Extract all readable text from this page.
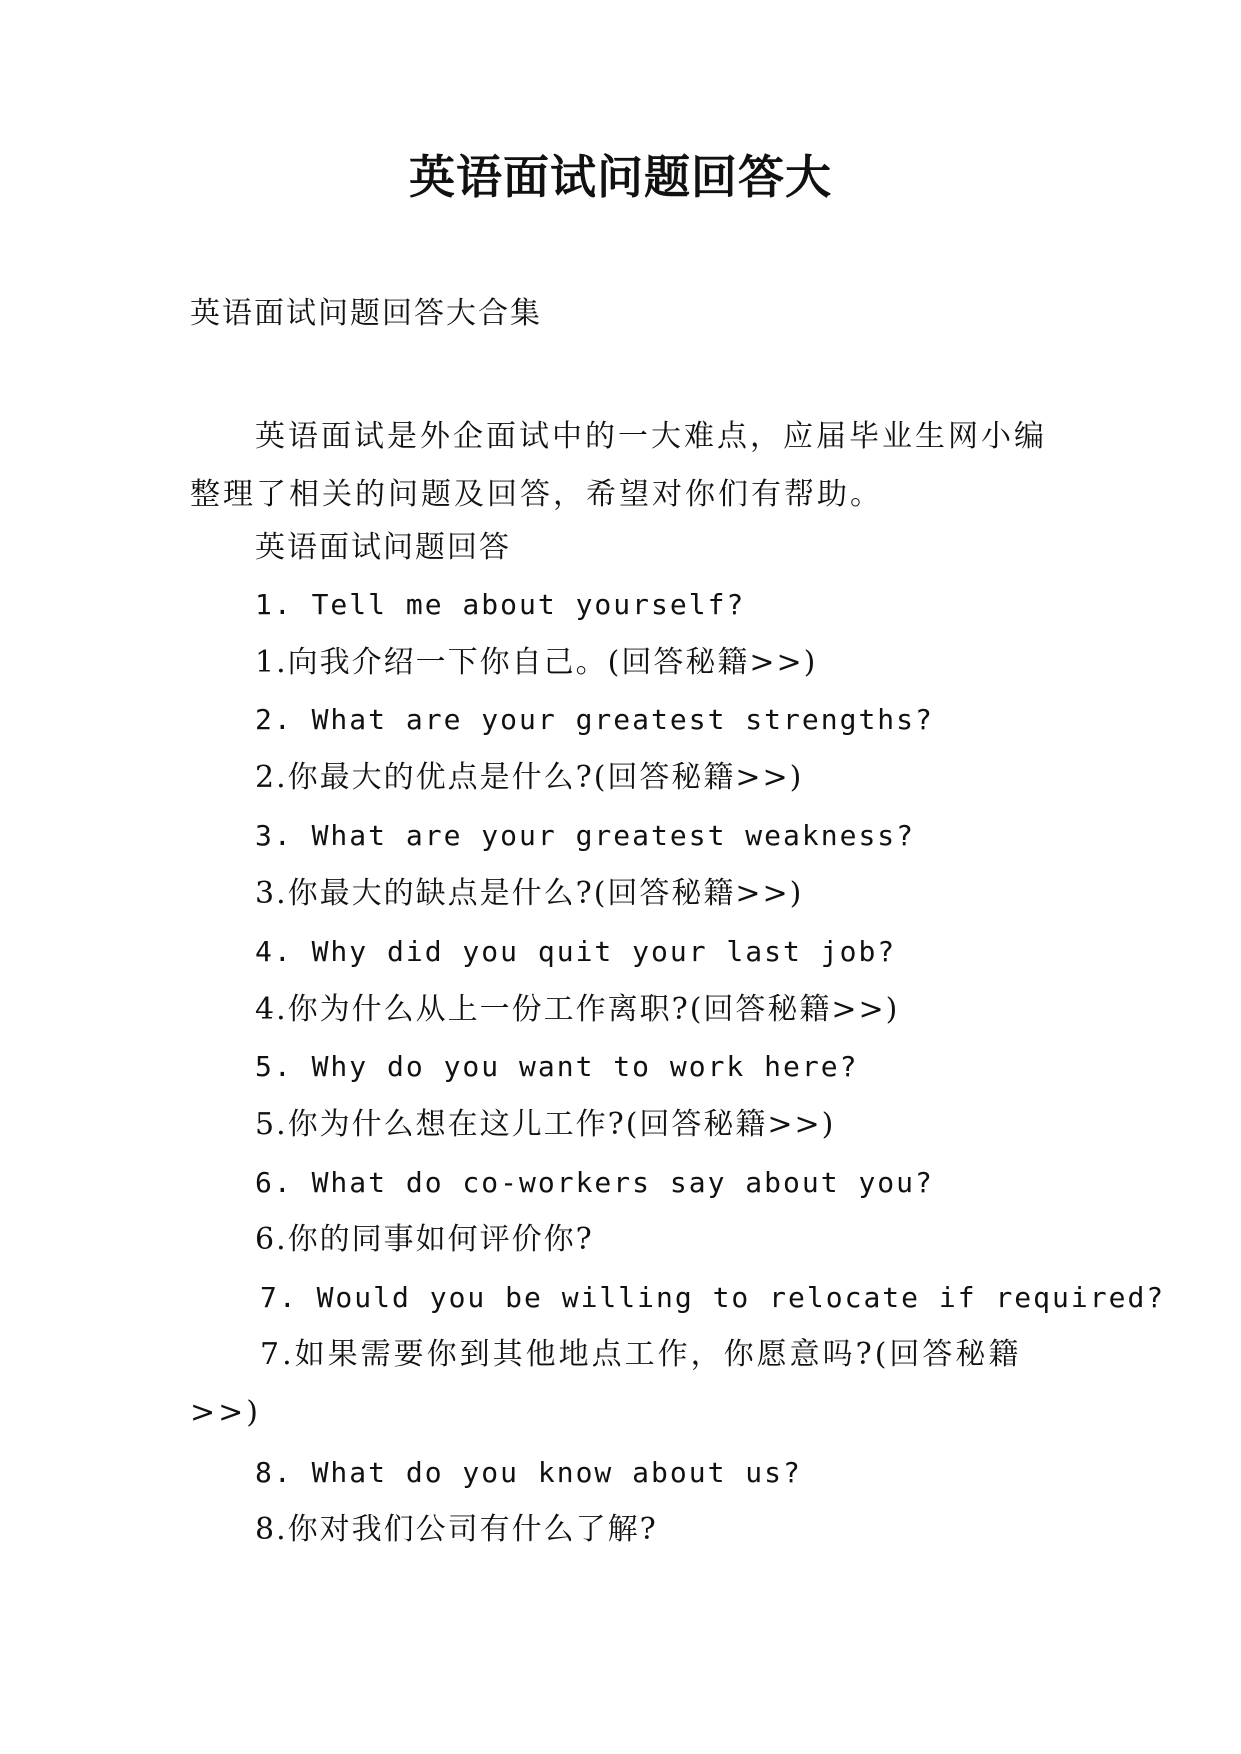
英语面试问题回答大
英语面试问题回答大合集
英语面试是外企面试中的一大难点，应届毕业生网小编整理了相关的问题及回答，希望对你们有帮助。
英语面试问题回答
1. Tell me about yourself?
1.向我介绍一下你自己。(回答秘籍>>)
2. What are your greatest strengths?
2.你最大的优点是什么?(回答秘籍>>)
3. What are your greatest weakness?
3.你最大的缺点是什么?(回答秘籍>>)
4. Why did you quit your last job?
4.你为什么从上一份工作离职?(回答秘籍>>)
5. Why do you want to work here?
5.你为什么想在这儿工作?(回答秘籍>>)
6. What do co-workers say about you?
6.你的同事如何评价你?
7. Would you be willing to relocate if required?
7.如果需要你到其他地点工作，你愿意吗?(回答秘籍>>)
8. What do you know about us?
8.你对我们公司有什么了解?
